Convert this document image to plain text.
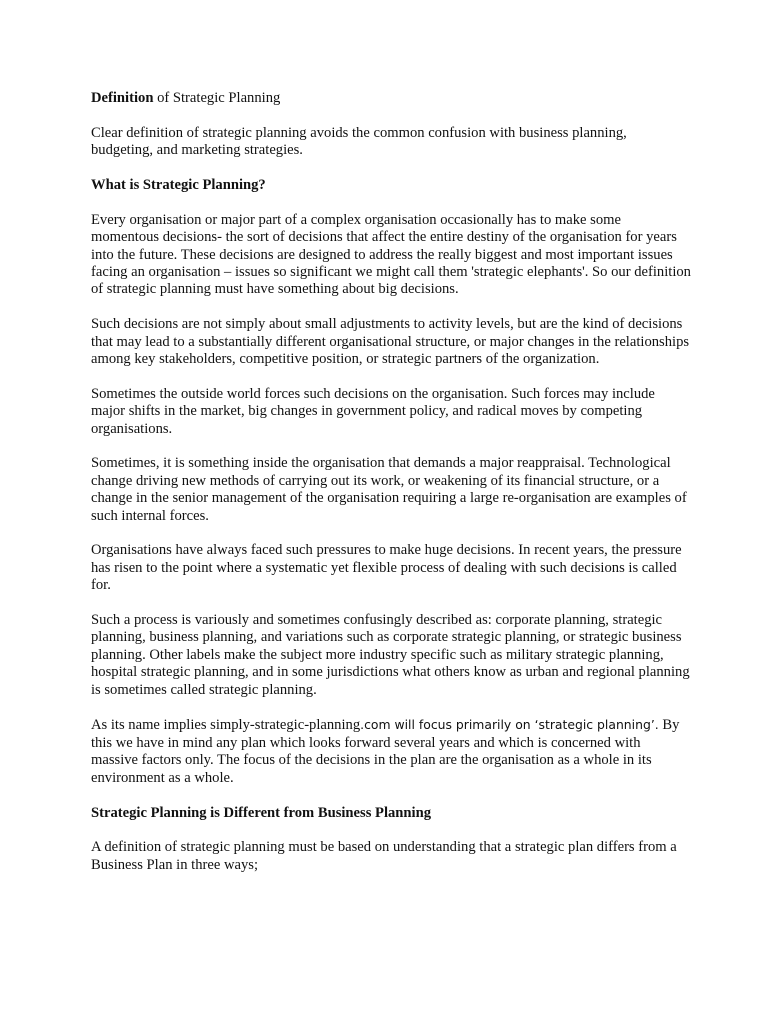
Definition of Strategic Planning

Clear definition of strategic planning avoids the common confusion with business planning, budgeting, and marketing strategies.

What is Strategic Planning?

Every organisation or major part of a complex organisation occasionally has to make some momentous decisions- the sort of decisions that affect the entire destiny of the organisation for years into the future. These decisions are designed to address the really biggest and most important issues facing an organisation – issues so significant we might call them 'strategic elephants'. So our definition of strategic planning must have something about big decisions.

Such decisions are not simply about small adjustments to activity levels, but are the kind of decisions that may lead to a substantially different organisational structure, or major changes in the relationships among key stakeholders, competitive position, or strategic partners of the organization.

Sometimes the outside world forces such decisions on the organisation. Such forces may include major shifts in the market, big changes in government policy, and radical moves by competing organisations.

Sometimes, it is something inside the organisation that demands a major reappraisal. Technological change driving new methods of carrying out its work, or weakening of its financial structure, or a change in the senior management of the organisation requiring a large re-organisation are examples of such internal forces.

Organisations have always faced such pressures to make huge decisions. In recent years, the pressure has risen to the point where a systematic yet flexible process of dealing with such decisions is called for.

Such a process is variously and sometimes confusingly described as: corporate planning, strategic planning, business planning, and variations such as corporate strategic planning, or strategic business planning. Other labels make the subject more industry specific such as military strategic planning, hospital strategic planning, and in some jurisdictions what others know as urban and regional planning is sometimes called strategic planning.

As its name implies simply-strategic-planning.com will focus primarily on ‘strategic planning’. By this we have in mind any plan which looks forward several years and which is concerned with massive factors only. The focus of the decisions in the plan are the organisation as a whole in its environment as a whole.

Strategic Planning is Different from Business Planning

A definition of strategic planning must be based on understanding that a strategic plan differs from a Business Plan in three ways;
